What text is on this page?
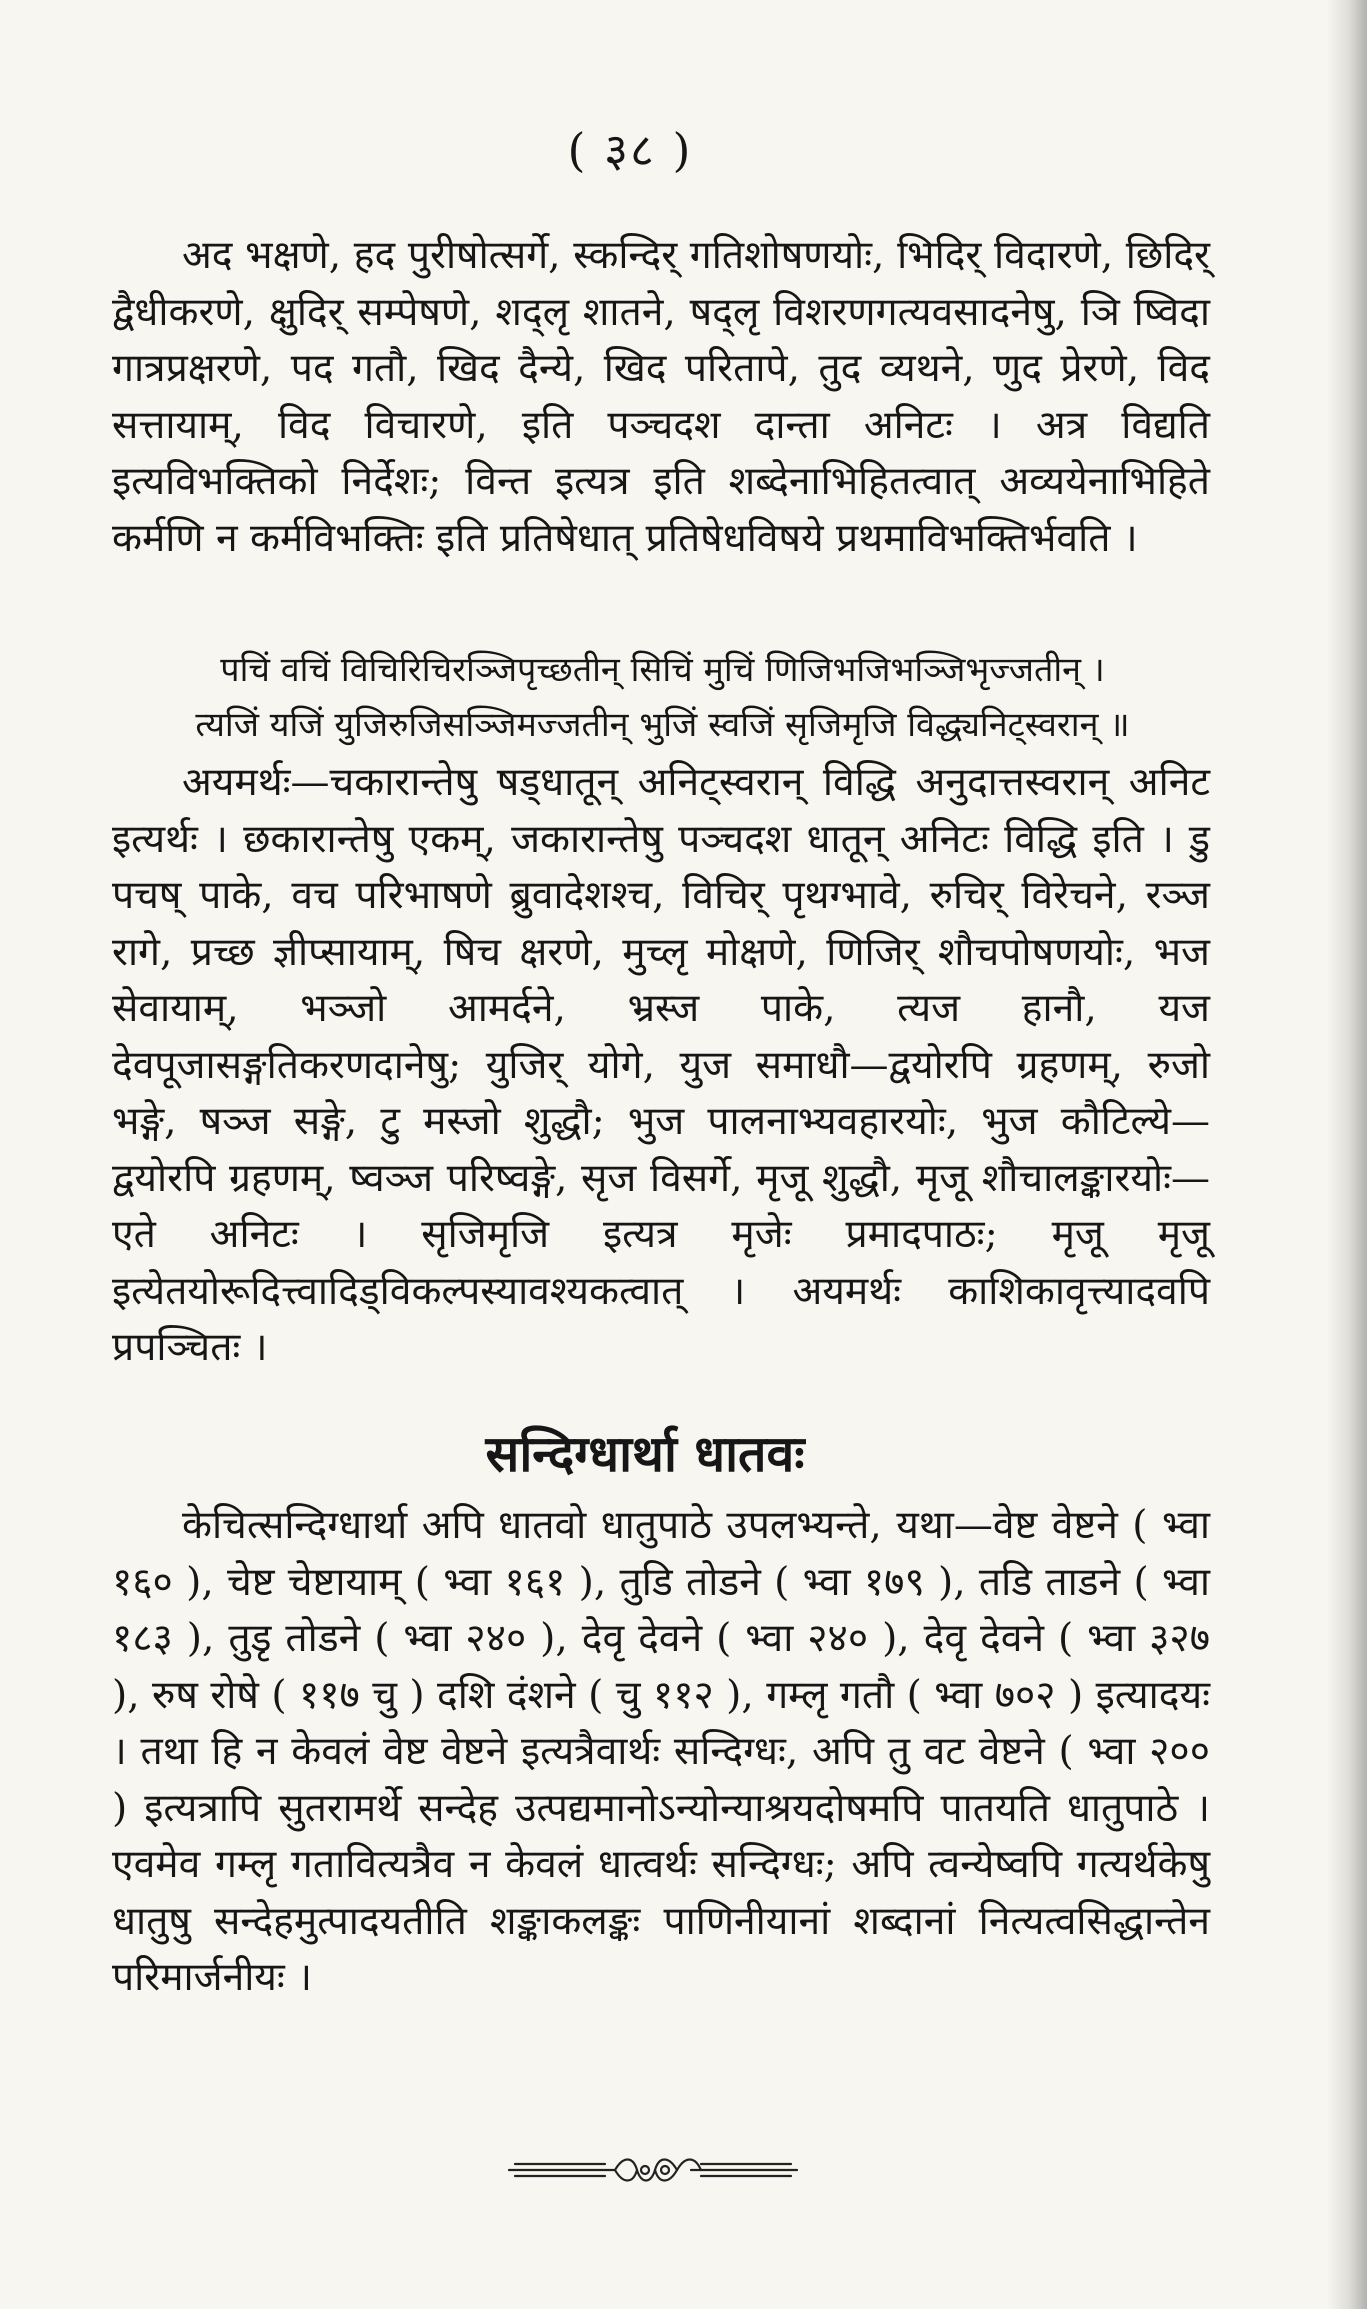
( ३८ )
अद भक्षणे, हद पुरीषोत्सर्गे, स्कन्दिर् गतिशोषणयोः, भिदिर् विदारणे, छिदिर् द्वैधीकरणे, क्षुदिर् सम्पेषणे, शद्लृ शातने, षद्लृ विशरणगत्यवसादनेषु, ञि ष्विदा गात्रप्रक्षरणे, पद गतौ, खिद दैन्ये, खिद परितापे, तुद व्यथने, णुद प्रेरणे, विद सत्तायाम्, विद विचारणे, इति पञ्चदश दान्ता अनिटः । अत्र विद्यति इत्यविभक्तिको निर्देशः; विन्त इत्यत्र इति शब्देनाभिहितत्वात् अव्ययेनाभिहिते कर्मणि न कर्मविभक्तिः इति प्रतिषेधात् प्रतिषेधविषये प्रथमाविभक्तिर्भवति ।
पचिं वचिं विचिरिचिरञ्जिपृच्छतीन् सिचिं मुचिं णिजिभजिभञ्जिभृज्जतीन् ।
त्यजिं यजिं युजिरुजिसञ्जिमज्जतीन् भुजिं स्वजिं सृजिमृजि विद्ध्यनिट्स्वरान् ॥
अयमर्थः—चकारान्तेषु षड्धातून् अनिट्स्वरान् विद्धि अनुदात्तस्वरान् अनिट इत्यर्थः । छकारान्तेषु एकम्, जकारान्तेषु पञ्चदश धातून् अनिटः विद्धि इति । डु पचष् पाके, वच परिभाषणे ब्रुवादेशश्च, विचिर् पृथग्भावे, रुचिर् विरेचने, रञ्ज रागे, प्रच्छ ज्ञीप्सायाम्, षिच क्षरणे, मुच्लृ मोक्षणे, णिजिर् शौचपोषणयोः, भज सेवायाम्, भञ्जो आमर्दने, भ्रस्ज पाके, त्यज हानौ, यज देवपूजासङ्गतिकरणदानेषु; युजिर् योगे, युज समाधौ—द्वयोरपि ग्रहणम्, रुजो भङ्गे, षञ्ज सङ्गे, टु मस्जो शुद्धौ; भुज पालनाभ्यवहारयोः, भुज कौटिल्ये—द्वयोरपि ग्रहणम्, ष्वञ्ज परिष्वङ्गे, सृज विसर्गे, मृजू शुद्धौ, मृजू शौचालङ्कारयोः—एते अनिटः । सृजिमृजि इत्यत्र मृजेः प्रमादपाठः; मृजू मृजू इत्येतयोरूदित्त्वादिड्विकल्पस्यावश्यकत्वात् । अयमर्थः काशिकावृत्त्यादवपि प्रपञ्चितः ।
सन्दिग्धार्था धातवः
केचित्सन्दिग्धार्था अपि धातवो धातुपाठे उपलभ्यन्ते, यथा—वेष्ट वेष्टने ( भ्वा १६० ), चेष्ट चेष्टायाम् ( भ्वा १६१ ), तुडि तोडने ( भ्वा १७९ ), तडि ताडने ( भ्वा १८३ ), तुडृ तोडने ( भ्वा २४० ), देवृ देवने ( भ्वा २४० ), देवृ देवने ( भ्वा ३२७ ), रुष रोषे ( ११७ चु ) दशि दंशने ( चु ११२ ), गम्लृ गतौ ( भ्वा ७०२ ) इत्यादयः । तथा हि न केवलं वेष्ट वेष्टने इत्यत्रैवार्थः सन्दिग्धः, अपि तु वट वेष्टने ( भ्वा २०० ) इत्यत्रापि सुतरामर्थे सन्देह उत्पद्यमानोऽन्योन्याश्रयदोषमपि पातयति धातुपाठे । एवमेव गम्लृ गतावित्यत्रैव न केवलं धात्वर्थः सन्दिग्धः; अपि त्वन्येष्वपि गत्यर्थकेषु धातुषु सन्देहमुत्पादयतीति शङ्काकलङ्कः पाणिनीयानां शब्दानां नित्यत्वसिद्धान्तेन परिमार्जनीयः ।
